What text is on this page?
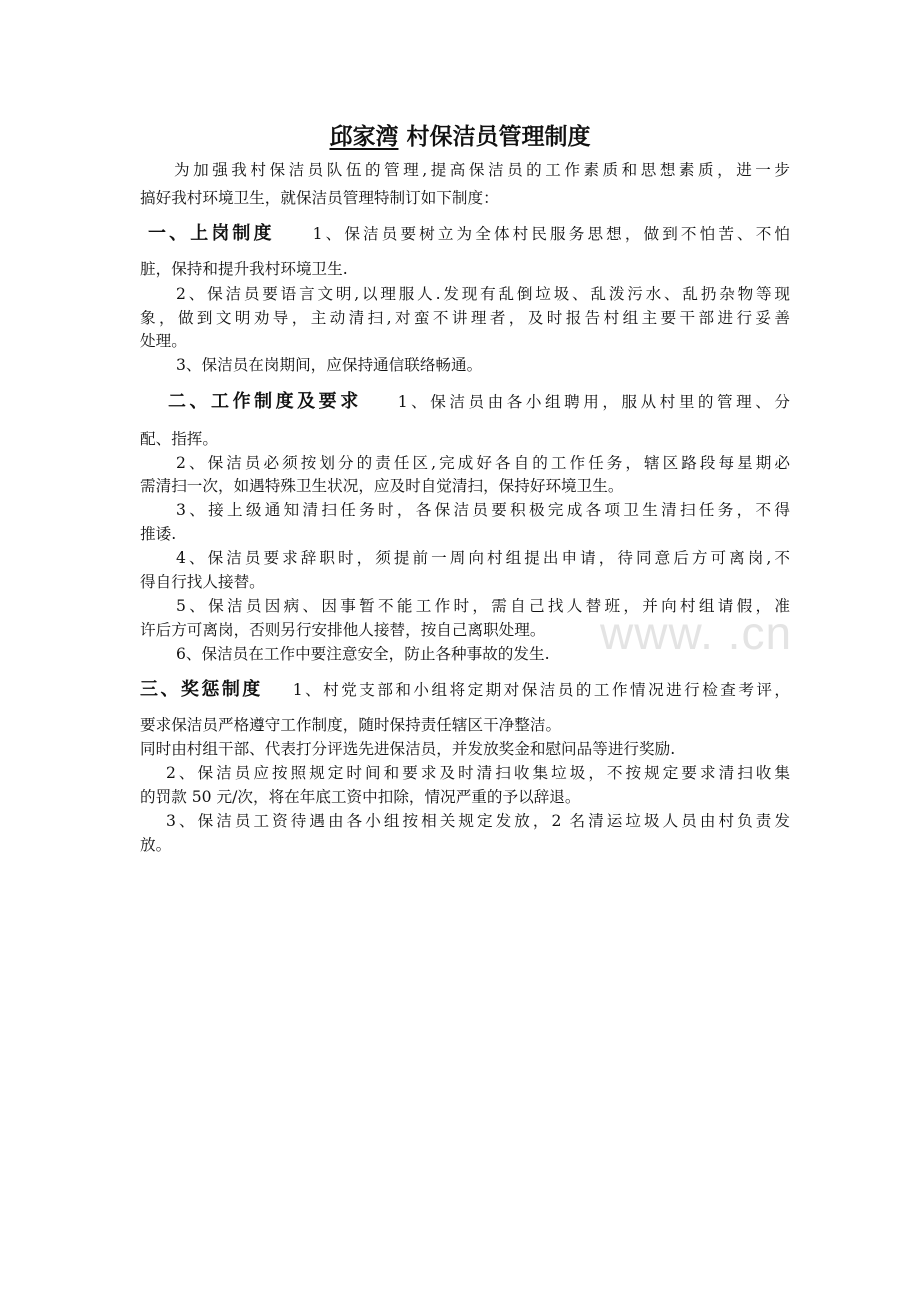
www. .cn
邱家湾 村保洁员管理制度
为加强我村保洁员队伍的管理,提高保洁员的工作素质和思想素质，进一步
搞好我村环境卫生，就保洁员管理特制订如下制度：
一、上岗制度 1、保洁员要树立为全体村民服务思想，做到不怕苦、不怕
脏，保持和提升我村环境卫生.
2、保洁员要语言文明,以理服人.发现有乱倒垃圾、乱泼污水、乱扔杂物等现
象，做到文明劝导，主动清扫,对蛮不讲理者，及时报告村组主要干部进行妥善
处理。
3、保洁员在岗期间，应保持通信联络畅通。
二、工作制度及要求 1、保洁员由各小组聘用，服从村里的管理、分
配、指挥。
2、保洁员必须按划分的责任区,完成好各自的工作任务，辖区路段每星期必
需清扫一次，如遇特殊卫生状况，应及时自觉清扫，保持好环境卫生。
3、接上级通知清扫任务时，各保洁员要积极完成各项卫生清扫任务，不得
推诿.
4、保洁员要求辞职时，须提前一周向村组提出申请，待同意后方可离岗,不
得自行找人接替。
5、保洁员因病、因事暂不能工作时，需自己找人替班，并向村组请假，准
许后方可离岗，否则另行安排他人接替，按自己离职处理。
6、保洁员在工作中要注意安全，防止各种事故的发生.
三、奖惩制度 1、村党支部和小组将定期对保洁员的工作情况进行检查考评，
要求保洁员严格遵守工作制度，随时保持责任辖区干净整洁。
同时由村组干部、代表打分评选先进保洁员，并发放奖金和慰问品等进行奖励.
2、保洁员应按照规定时间和要求及时清扫收集垃圾，不按规定要求清扫收集
的罚款 50 元/次，将在年底工资中扣除，情况严重的予以辞退。
3、保洁员工资待遇由各小组按相关规定发放，2 名清运垃圾人员由村负责发
放。
